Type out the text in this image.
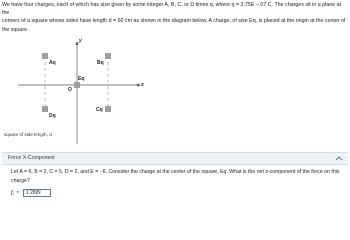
We have four charges, each of which has size given by some integer A, B, C, or D times q, where q = 3.75E − 07 C. The charges sit in a plane at the

corners of a square whose sides have length d = 60 cm as shown in the diagram below. A charge, of size Eq, is placed at the origin at the center of

the square.

y
x
O
Aq	Bq
Eq
Cq
Dq
square of side length, d
Force X-Component
Let A = 6, B = 2, C = 5, D = 2, and E = −6. Consider the charge at the center of the square, Eq. What is the net x-component of the force on this
charge?
fₓ =	1.28|N
